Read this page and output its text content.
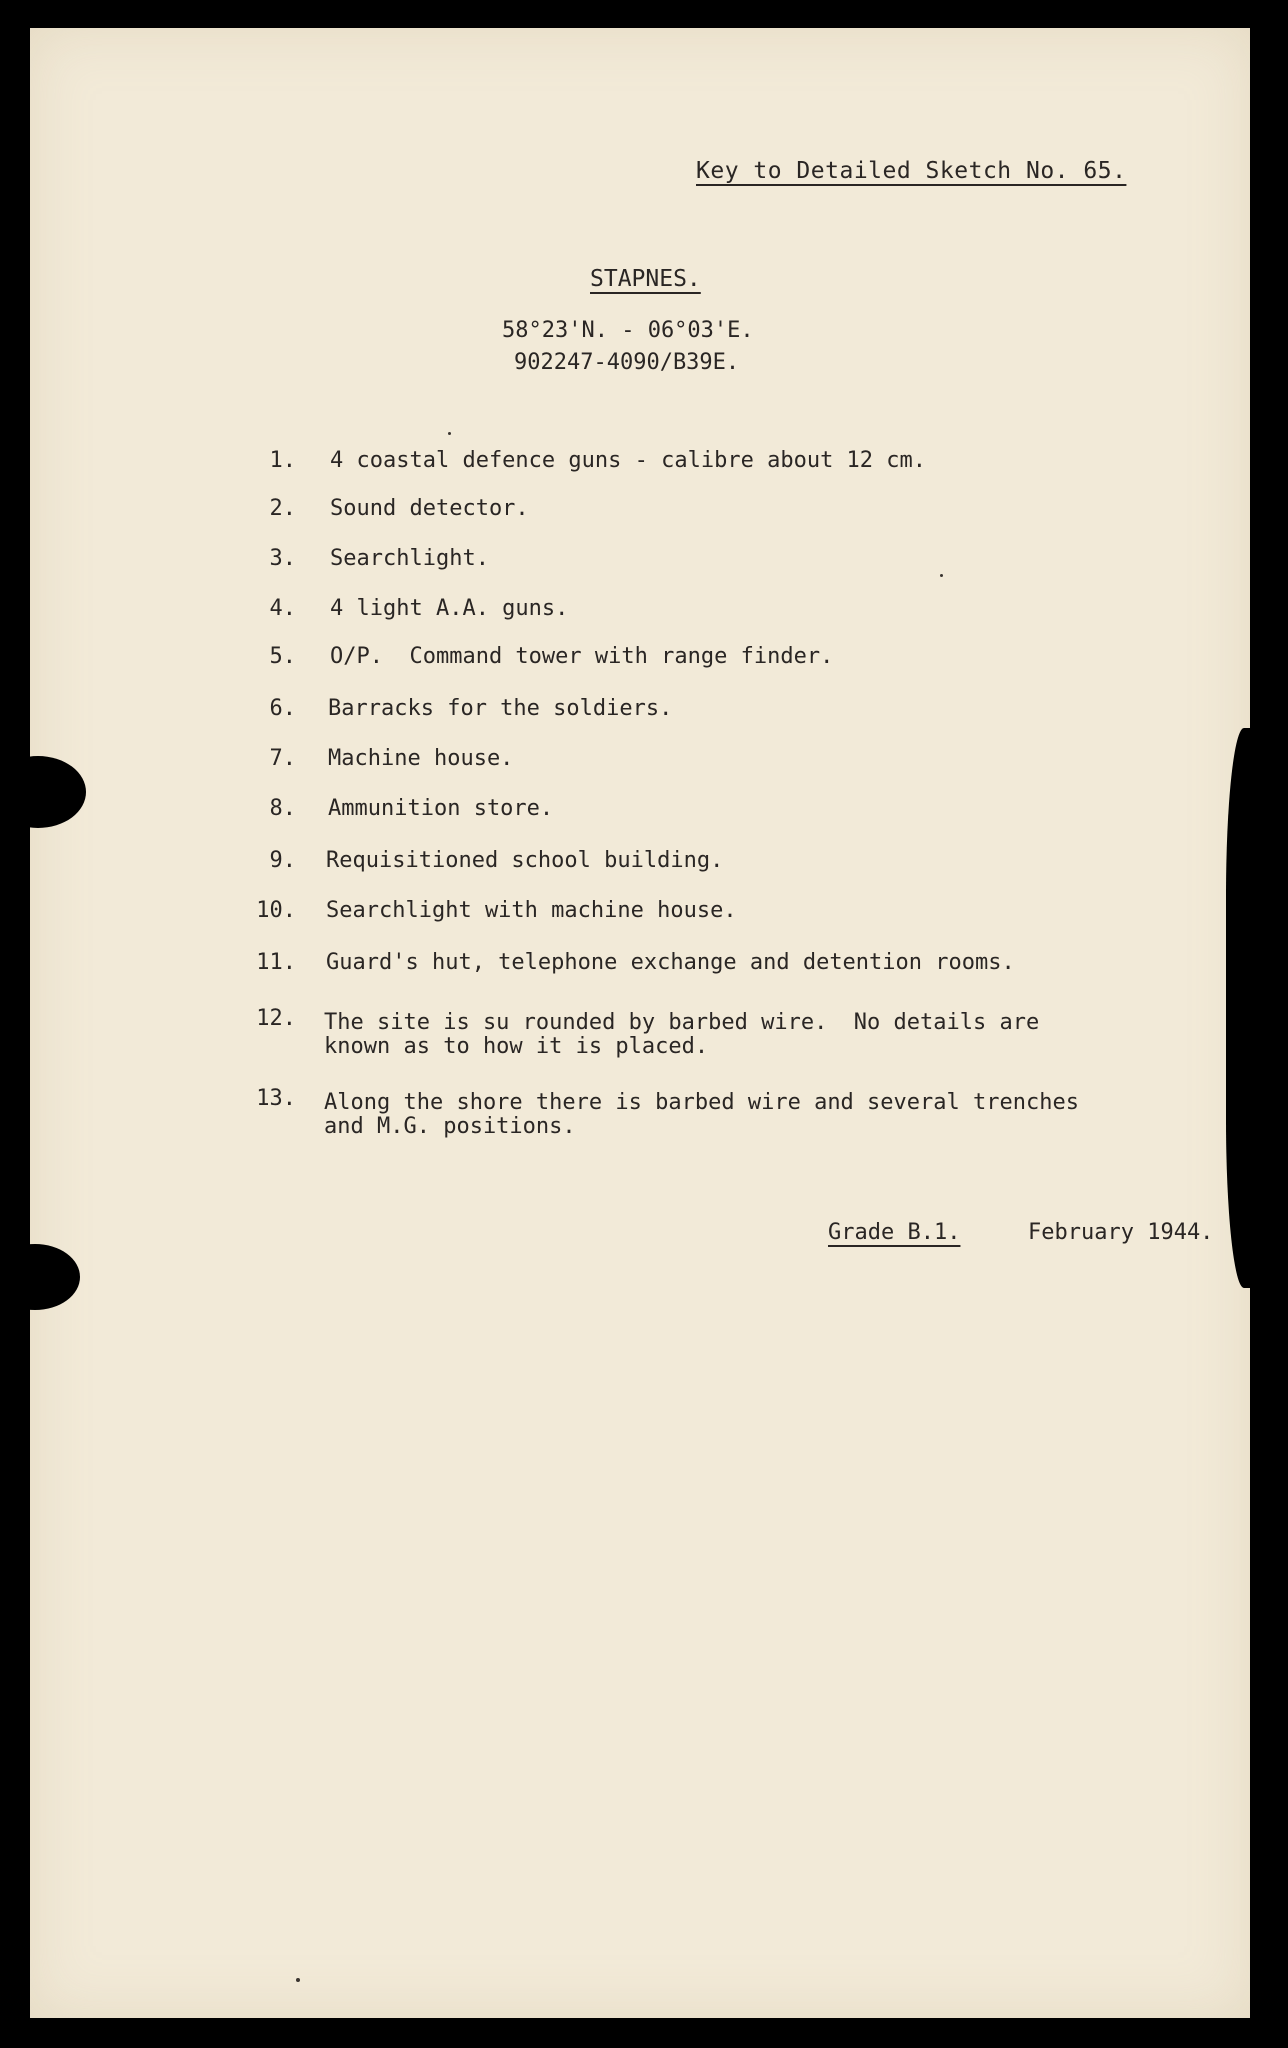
Key to Detailed Sketch No. 65.
STAPNES.
58°23'N. - 06°03'E.
902247-4090/B39E.
1. 4 coastal defence guns - calibre about 12 cm.
2. Sound detector.
3. Searchlight.
4. 4 light A.A. guns.
5. O/P.  Command tower with range finder.
6. Barracks for the soldiers.
7. Machine house.
8. Ammunition store.
9. Requisitioned school building.
10. Searchlight with machine house.
11. Guard's hut, telephone exchange and detention rooms.
12. The site is su rounded by barbed wire.  No details are
known as to how it is placed.
13. Along the shore there is barbed wire and several trenches
and M.G. positions.
Grade B.1.	February 1944.
